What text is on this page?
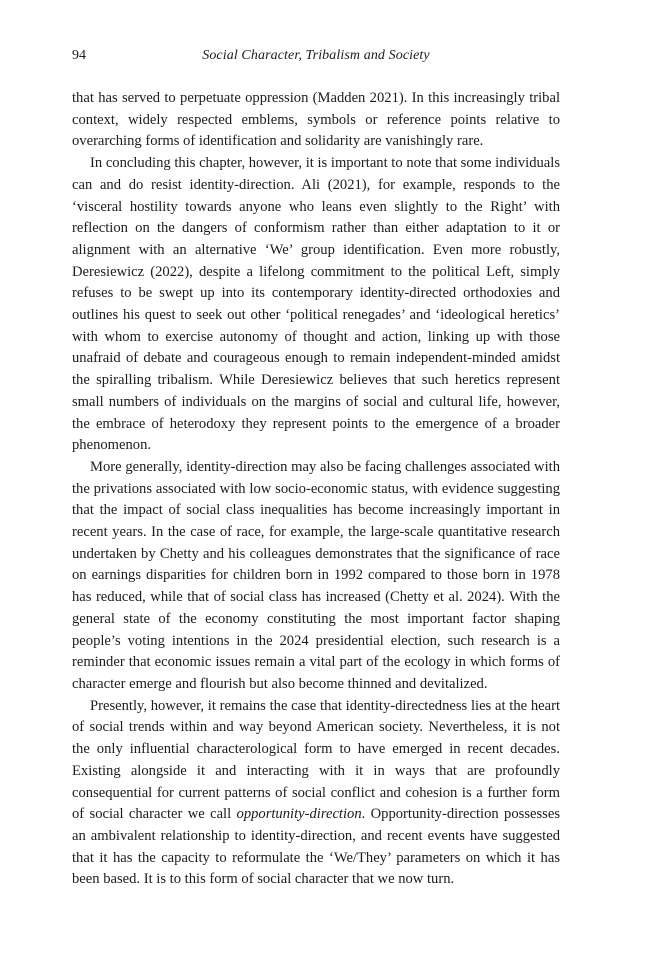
94	Social Character, Tribalism and Society

that has served to perpetuate oppression (Madden 2021). In this increasingly tribal context, widely respected emblems, symbols or reference points relative to overarching forms of identification and solidarity are vanishingly rare.

In concluding this chapter, however, it is important to note that some individuals can and do resist identity-direction. Ali (2021), for example, responds to the ‘visceral hostility towards anyone who leans even slightly to the Right’ with reflection on the dangers of conformism rather than either adaptation to it or alignment with an alternative ‘We’ group identification. Even more robustly, Deresiewicz (2022), despite a lifelong commitment to the political Left, simply refuses to be swept up into its contemporary identity-directed orthodoxies and outlines his quest to seek out other ‘political renegades’ and ‘ideological heretics’ with whom to exercise autonomy of thought and action, linking up with those unafraid of debate and courageous enough to remain independent-minded amidst the spiralling tribalism. While Deresiewicz believes that such heretics represent small numbers of individuals on the margins of social and cultural life, however, the embrace of heterodoxy they represent points to the emergence of a broader phenomenon.

More generally, identity-direction may also be facing challenges associated with the privations associated with low socio-economic status, with evidence suggesting that the impact of social class inequalities has become increasingly important in recent years. In the case of race, for example, the large-scale quantitative research undertaken by Chetty and his colleagues demonstrates that the significance of race on earnings disparities for children born in 1992 compared to those born in 1978 has reduced, while that of social class has increased (Chetty et al. 2024). With the general state of the economy constituting the most important factor shaping people’s voting intentions in the 2024 presidential election, such research is a reminder that economic issues remain a vital part of the ecology in which forms of character emerge and flourish but also become thinned and devitalized.

Presently, however, it remains the case that identity-directedness lies at the heart of social trends within and way beyond American society. Nevertheless, it is not the only influential characterological form to have emerged in recent decades. Existing alongside it and interacting with it in ways that are profoundly consequential for current patterns of social conflict and cohesion is a further form of social character we call opportunity-direction. Opportunity-direction possesses an ambivalent relationship to identity-direction, and recent events have suggested that it has the capacity to reformulate the ‘We/They’ parameters on which it has been based. It is to this form of social character that we now turn.
